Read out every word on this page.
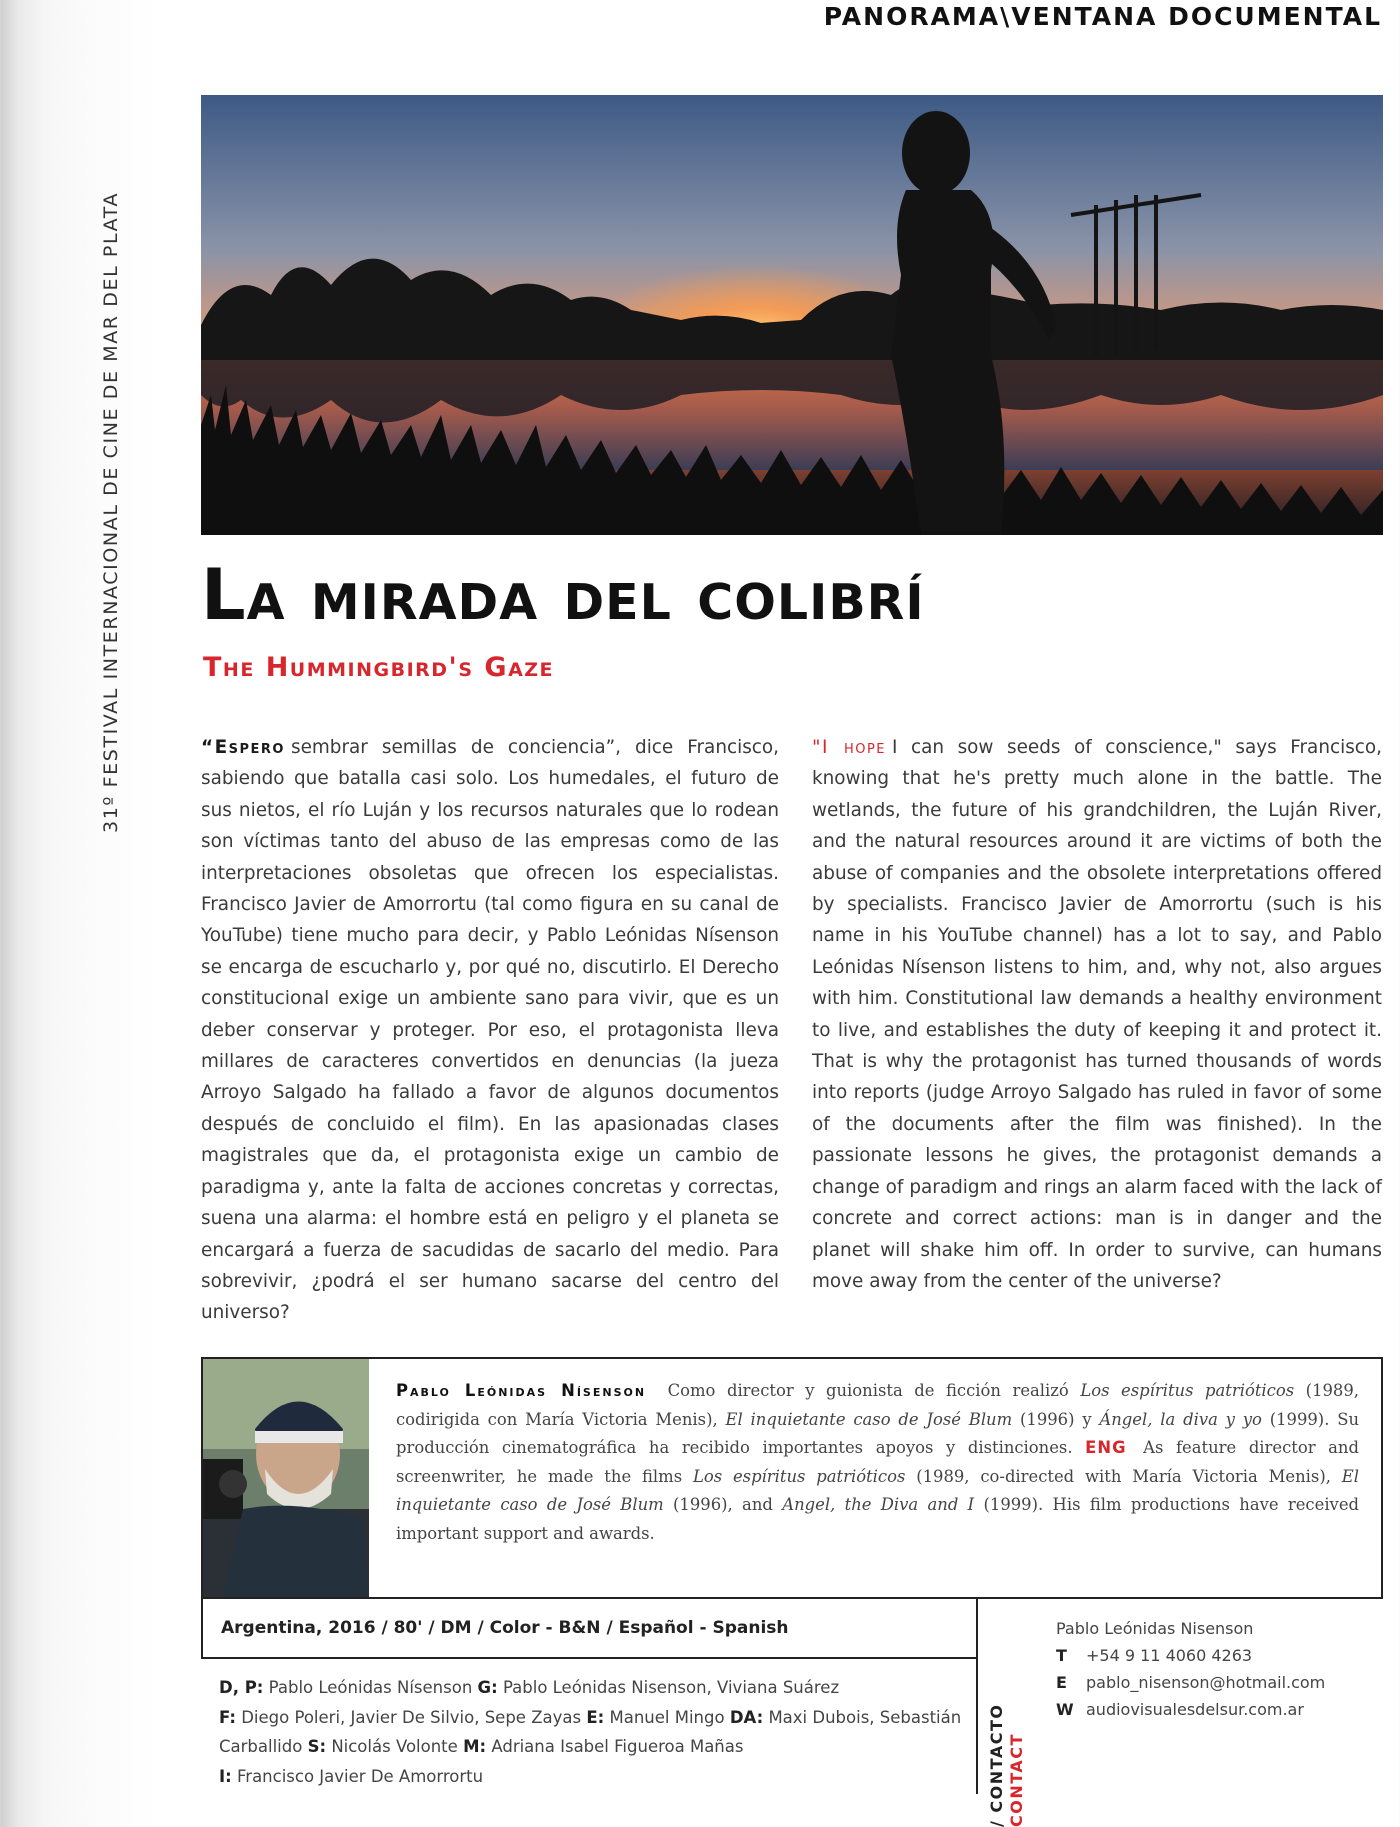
PANORAMA\VENTANA DOCUMENTAL
31º FESTIVAL INTERNACIONAL DE CINE DE MAR DEL PLATA La mirada del colibrí
The Hummingbird's Gaze
“Espero sembrar semillas de conciencia”, dice Francisco, sabiendo que batalla casi solo. Los humedales, el futuro de sus nietos, el río Luján y los recursos naturales que lo rodean son víctimas tanto del abuso de las empresas como de las interpretaciones obsoletas que ofrecen los especialistas. Francisco Javier de Amorrortu (tal como figura en su canal de YouTube) tiene mucho para decir, y Pablo Leónidas Nísenson se encarga de escucharlo y, por qué no, discutirlo. El Derecho constitucional exige un ambiente sano para vivir, que es un deber conservar y proteger. Por eso, el protagonista lleva millares de caracteres convertidos en denuncias (la jueza Arroyo Salgado ha fallado a favor de algunos documentos después de concluido el film). En las apasionadas clases magistrales que da, el protagonista exige un cambio de paradigma y, ante la falta de acciones concretas y correctas, suena una alarma: el hombre está en peligro y el planeta se encargará a fuerza de sacudidas de sacarlo del medio. Para sobrevivir, ¿podrá el ser humano sacarse del centro del universo?
"I hope I can sow seeds of conscience," says Francisco, knowing that he's pretty much alone in the battle. The wetlands, the future of his grandchildren, the Luján River, and the natural resources around it are victims of both the abuse of companies and the obsolete interpretations offered by specialists. Francisco Javier de Amorrortu (such is his name in his YouTube channel) has a lot to say, and Pablo Leónidas Nísenson listens to him, and, why not, also argues with him. Constitutional law demands a healthy environment to live, and establishes the duty of keeping it and protect it. That is why the protagonist has turned thousands of words into reports (judge Arroyo Salgado has ruled in favor of some of the documents after the film was finished). In the passionate lessons he gives, the protagonist demands a change of paradigm and rings an alarm faced with the lack of concrete and correct actions: man is in danger and the planet will shake him off. In order to survive, can humans move away from the center of the universe?
Pablo Leónidas Nísenson Como director y guionista de ficción realizó Los espíritus patrióticos (1989, codirigida con María Victoria Menis), El inquietante caso de José Blum (1996) y Ángel, la diva y yo (1999). Su producción cinematográfica ha recibido importantes apoyos y distinciones. ENG As feature director and screenwriter, he made the films Los espíritus patrióticos (1989, co-directed with María Victoria Menis), El inquietante caso de José Blum (1996), and Angel, the Diva and I (1999). His film productions have received important support and awards.
Argentina, 2016 / 80' / DM / Color - B&N / Español - Spanish
D, P: Pablo Leónidas Nísenson G: Pablo Leónidas Nisenson, Viviana Suárez
F: Diego Poleri, Javier De Silvio, Sepe Zayas E: Manuel Mingo DA: Maxi Dubois, Sebastián Carballido S: Nicolás Volonte M: Adriana Isabel Figueroa Mañas
I: Francisco Javier De Amorrortu	/ CONTACTO CONTACT
Pablo Leónidas Nisenson
T +54 9 11 4060 4263
E pablo_nisenson@hotmail.com
W audiovisualesdelsur.com.ar
